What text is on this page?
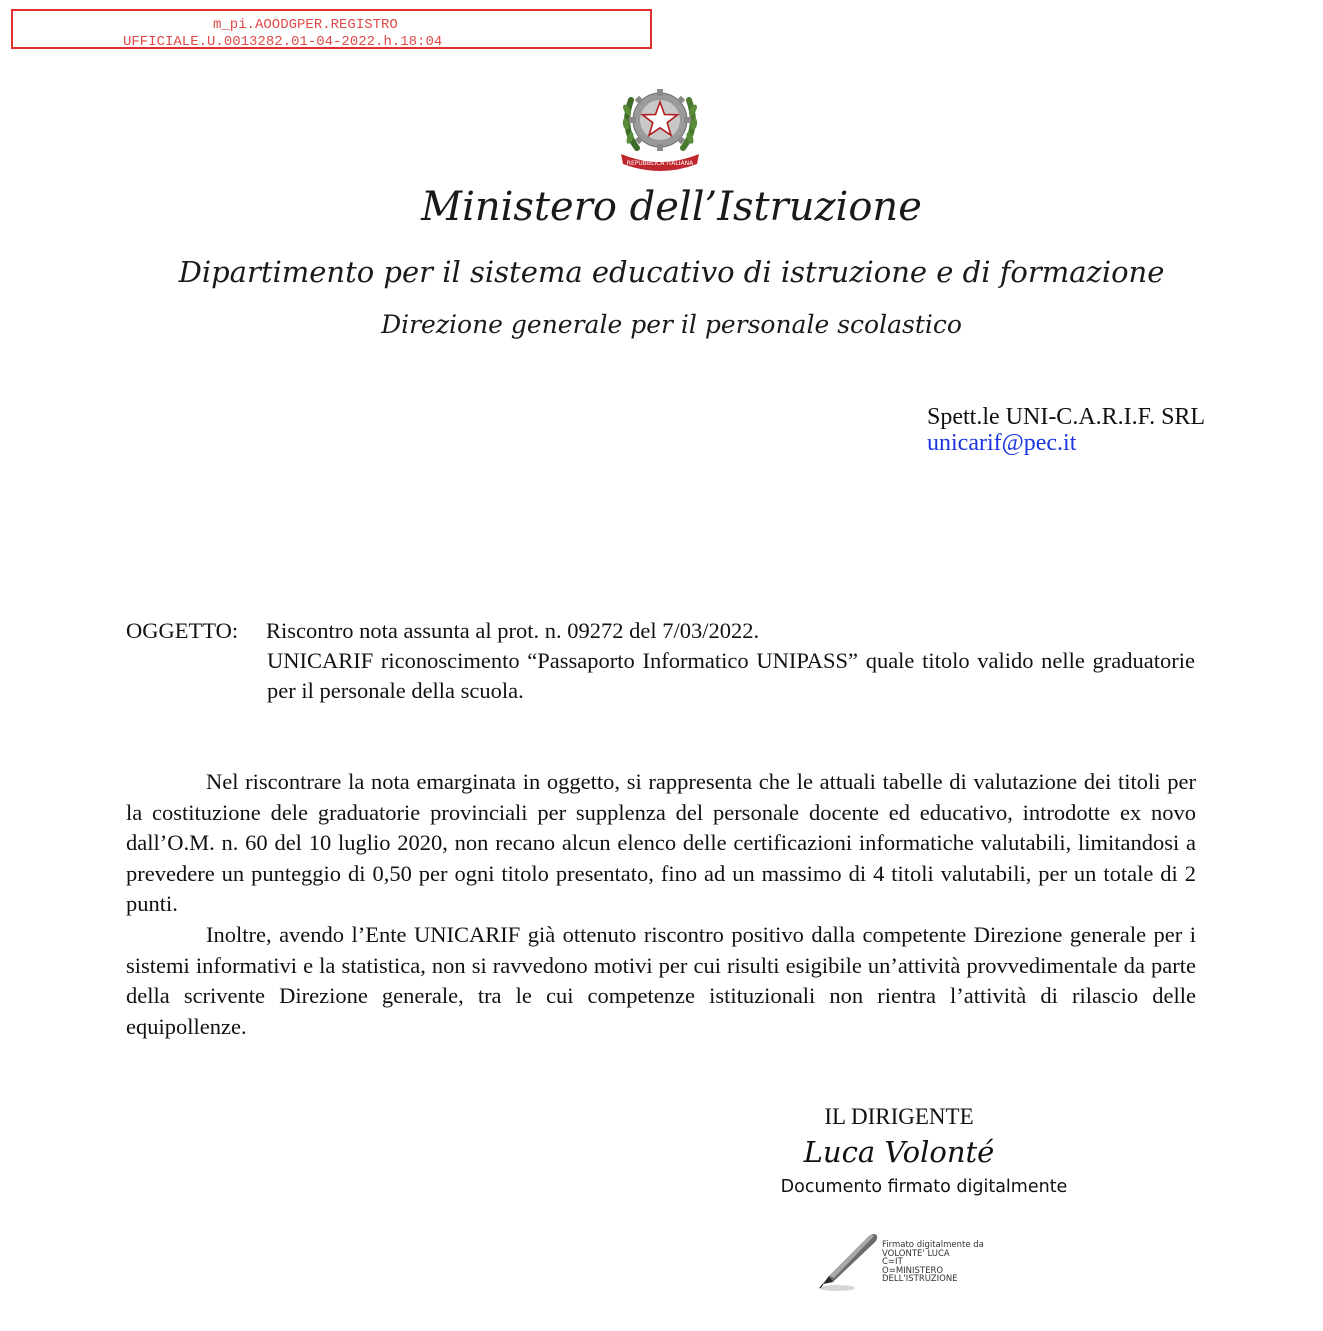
m_pi.AOODGPER.REGISTRO
UFFICIALE.U.0013282.01-04-2022.h.18:04
REPUBBLICA ITALIANA
Ministero dell’Istruzione
Dipartimento per il sistema educativo di istruzione e di formazione
Direzione generale per il personale scolastico
Spett.le UNI-C.A.R.I.F. SRL
unicarif@pec.it
OGGETTO: Riscontro nota assunta al prot. n. 09272 del 7/03/2022.
UNICARIF riconoscimento “Passaporto Informatico UNIPASS” quale titolo valido nelle graduatorie per il personale della scuola.

Nel riscontrare la nota emarginata in oggetto, si rappresenta che le attuali tabelle di valutazione dei titoli per la costituzione dele graduatorie provinciali per supplenza del personale docente ed educativo, introdotte ex novo dall’O.M. n. 60 del 10 luglio 2020, non recano alcun elenco delle certificazioni informatiche valutabili, limitandosi a prevedere un punteggio di 0,50 per ogni titolo presentato, fino ad un massimo di 4 titoli valutabili, per un totale di 2 punti.

Inoltre, avendo l’Ente UNICARIF già ottenuto riscontro positivo dalla competente Direzione generale per i sistemi informativi e la statistica, non si ravvedono motivi per cui risulti esigibile un’attività provvedimentale da parte della scrivente Direzione generale, tra le cui competenze istituzionali non rientra l’attività di rilascio delle equipollenze.

IL DIRIGENTE
Luca Volonté
Documento firmato digitalmente
Firmato digitalmente da
VOLONTE' LUCA
C=IT
O=MINISTERO
DELL'ISTRUZIONE
